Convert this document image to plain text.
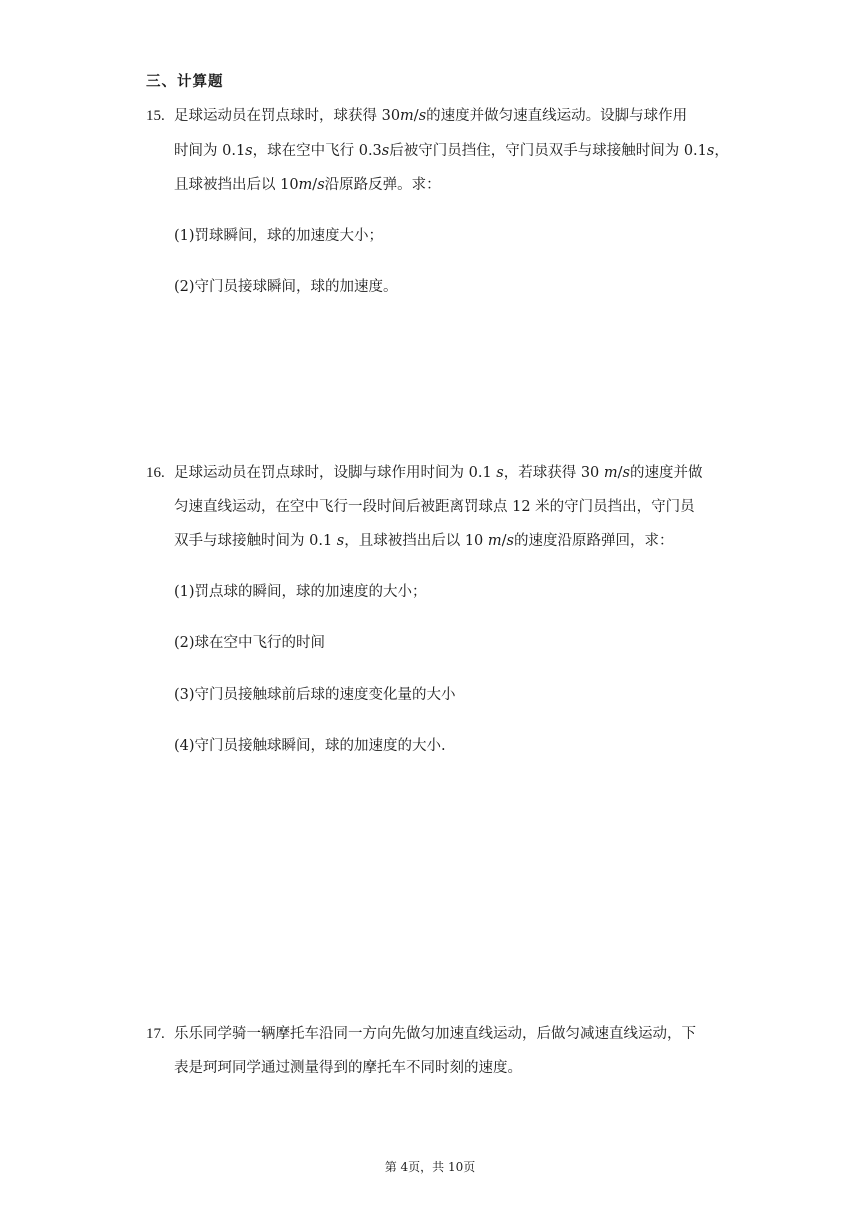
三、计算题
15. 足球运动员在罚点球时，球获得 30𝑚/𝑠的速度并做匀速直线运动。设脚与球作用
时间为 0.1𝑠，球在空中飞行 0.3𝑠后被守门员挡住，守门员双手与球接触时间为 0.1𝑠，
且球被挡出后以 10𝑚/𝑠沿原路反弹。求：
(1)罚球瞬间，球的加速度大小；
(2)守门员接球瞬间，球的加速度。
16. 足球运动员在罚点球时，设脚与球作用时间为 0.1 𝑠，若球获得 30 𝑚/𝑠的速度并做
匀速直线运动，在空中飞行一段时间后被距离罚球点 12 米的守门员挡出，守门员
双手与球接触时间为 0.1 𝑠，且球被挡出后以 10 𝑚/𝑠的速度沿原路弹回，求：
(1)罚点球的瞬间，球的加速度的大小；
(2)球在空中飞行的时间
(3)守门员接触球前后球的速度变化量的大小
(4)守门员接触球瞬间，球的加速度的大小.
17. 乐乐同学骑一辆摩托车沿同一方向先做匀加速直线运动，后做匀减速直线运动，下
表是珂珂同学通过测量得到的摩托车不同时刻的速度。
第 4页，共 10页
